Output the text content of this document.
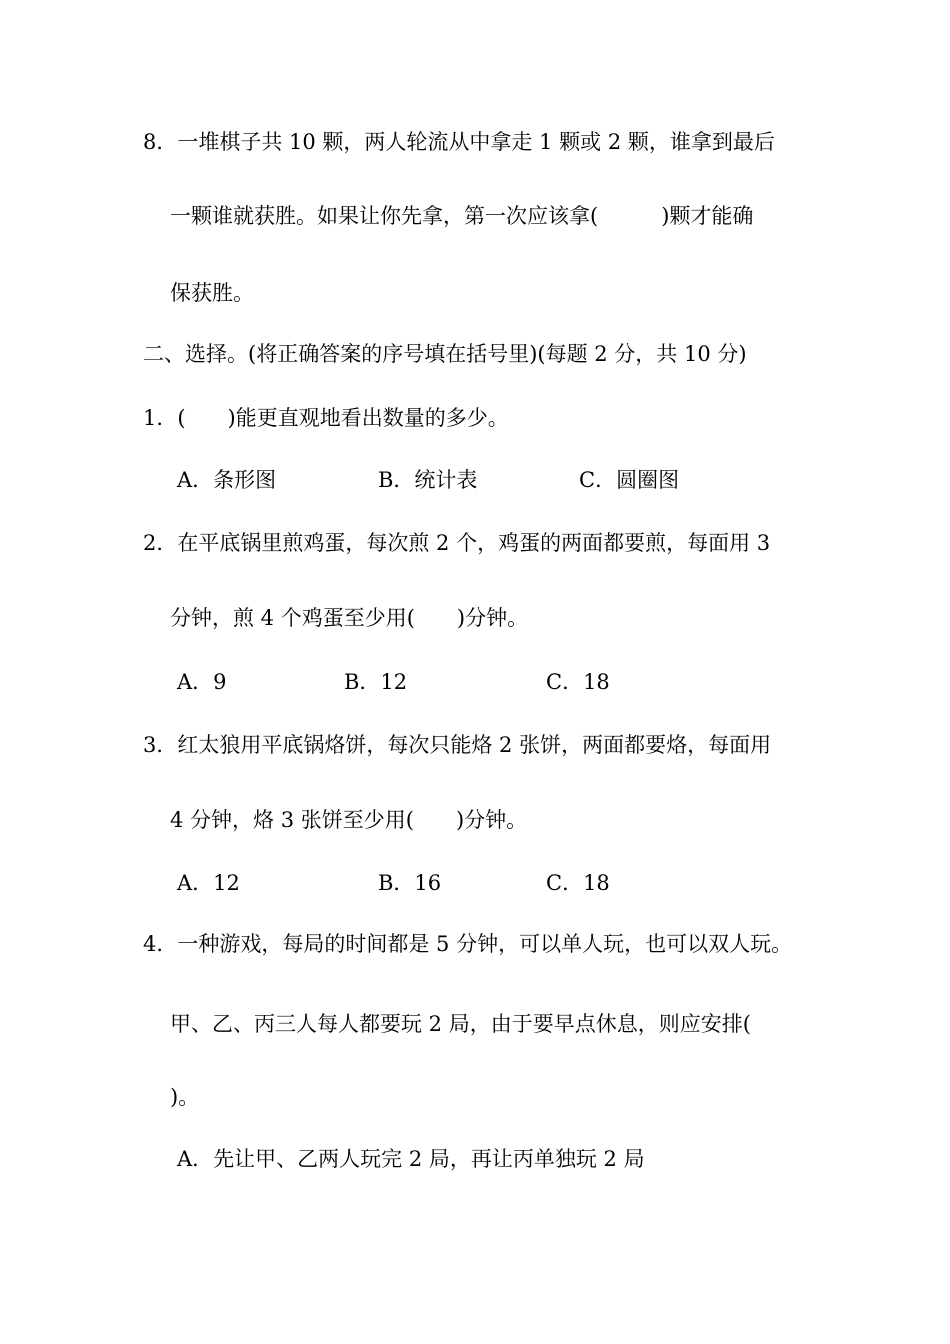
8．一堆棋子共 10 颗，两人轮流从中拿走 1 颗或 2 颗，谁拿到最后
一颗谁就获胜。如果让你先拿，第一次应该拿(　　　)颗才能确
保获胜。
二、选择。(将正确答案的序号填在括号里)(每题 2 分，共 10 分)
1．(　　)能更直观地看出数量的多少。
A．条形图	B．统计表	C．圆圈图
2．在平底锅里煎鸡蛋，每次煎 2 个，鸡蛋的两面都要煎，每面用 3
分钟，煎 4 个鸡蛋至少用(　　)分钟。
A．9	B．12	C．18
3．红太狼用平底锅烙饼，每次只能烙 2 张饼，两面都要烙，每面用
4 分钟，烙 3 张饼至少用(　　)分钟。
A．12	B．16	C．18
4．一种游戏，每局的时间都是 5 分钟，可以单人玩，也可以双人玩。
甲、乙、丙三人每人都要玩 2 局，由于要早点休息，则应安排(
)。
A．先让甲、乙两人玩完 2 局，再让丙单独玩 2 局
